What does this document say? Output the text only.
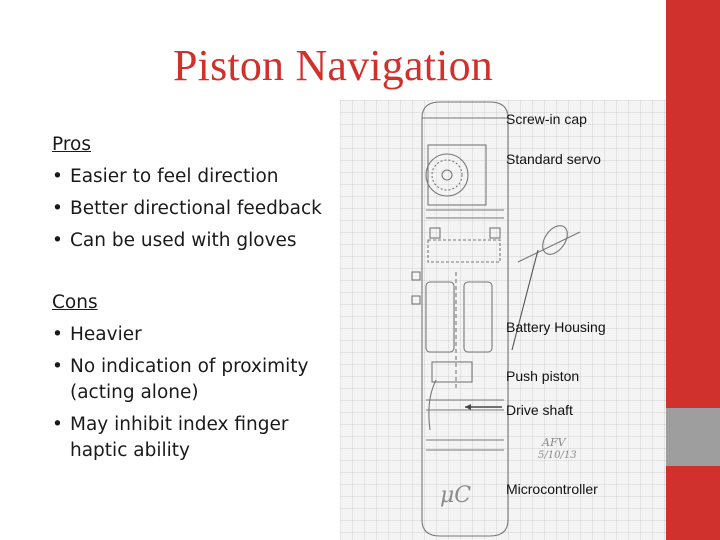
Piston Navigation
Pros
• Easier to feel direction
• Better directional feedback
• Can be used with gloves
Cons
• Heavier
• No indication of proximity (acting alone)
• May inhibit index finger haptic ability
μC
AFV
5/10/13
Screw-in cap
Standard servo
Battery Housing
Push piston
Drive shaft
Microcontroller
